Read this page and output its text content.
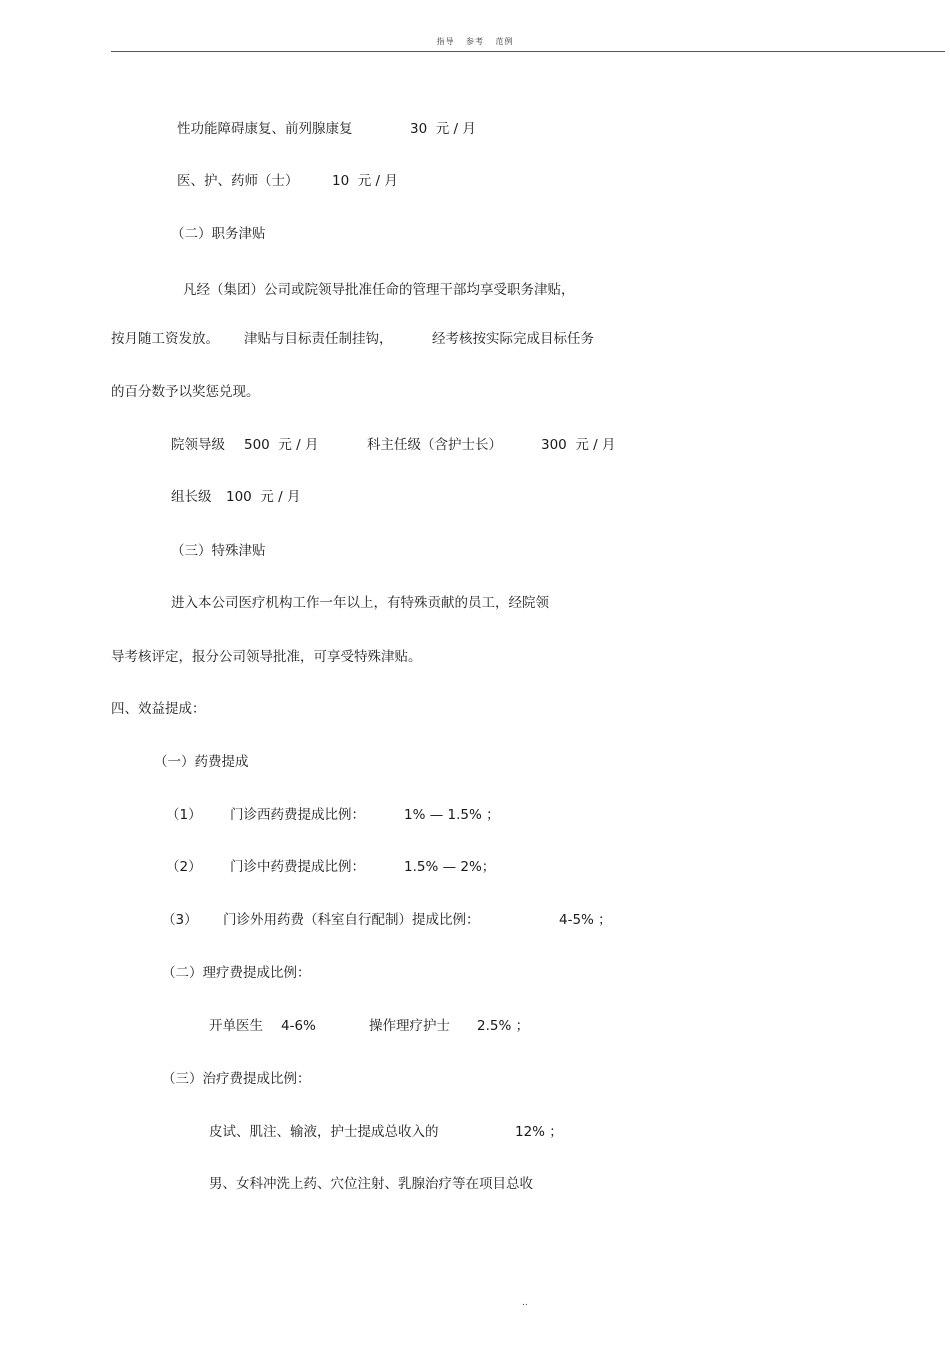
指导 参考 范例
性功能障碍康复、前列腺康复	30  元 / 月
医、护、药师（士） 10  元 / 月
（二）职务津贴
凡经（集团）公司或院领导批准任命的管理干部均享受职务津贴，
按月随工资发放。 津贴与目标责任制挂钩，	经考核按实际完成目标任务
的百分数予以奖惩兑现。
院领导级 500  元 / 月	科主任级（含护士长）	300  元 / 月
组长级 100  元 / 月
（三）特殊津贴
进入本公司医疗机构工作一年以上，有特殊贡献的员工，经院领
导考核评定，报分公司领导批准，可享受特殊津贴。
四、效益提成：
（一）药费提成
（1） 门诊西药费提成比例：	1% — 1.5% ；
（2） 门诊中药费提成比例：	1.5% — 2%；
（3） 门诊外用药费（科室自行配制）提成比例：	4-5% ；
（二）理疗费提成比例：
开单医生 4-6%	操作理疗护士 2.5% ；
（三）治疗费提成比例：
皮试、肌注、输液，护士提成总收入的	12% ；
男、女科冲洗上药、穴位注射、乳腺治疗等在项目总收
..
